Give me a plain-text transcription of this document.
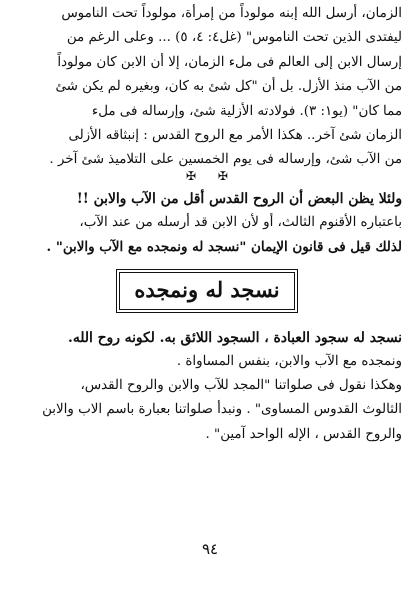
الزمان، أرسل الله إبنه مولوداً من إمرأة، مولوداً تحت الناموس

ليفتدى الذين تحت الناموس" (غل٤: ٤، ٥) ... وعلى الرغم من

إرسال الابن إلى العالم فى ملء الزمان، إلا أن الابن كان مولوداً

من الآب منذ الأزل. بل أن "كل شئ به كان، وبغيره لم يكن شئ

مما كان" (يو١: ٣). فولادته الأزلية شئ، وإرساله فى ملء

الزمان شئ آخر.. هكذا الأمر مع الروح القدس : إنبثاقه الأزلى

من الآب شئ، وإرساله فى يوم الخمسين على التلاميذ شئ آخر .

✠ ✠

ولئلا يظن البعض أن الروح القدس أقل من الآب والابن !!

باعتباره الأقنوم الثالث، أو لأن الابن قد أرسله من عند الآب،

لذلك قيل فى قانون الإيمان "نسجد له ونمجده مع الآب والابن" .

نسجد له ونمجده

نسجد له سجود العبادة ، السجود اللائق به. لكونه روح الله.

ونمجده مع الآب والابن، بنفس المساواة .

وهكذا نقول فى صلواتنا "المجد للآب والابن والروح القدس،

الثالوث القدوس المساوى" . ونبدأ صلواتنا بعبارة باسم الاب والابن

والروح القدس ، الإله الواحد آمين" .

٩٤
